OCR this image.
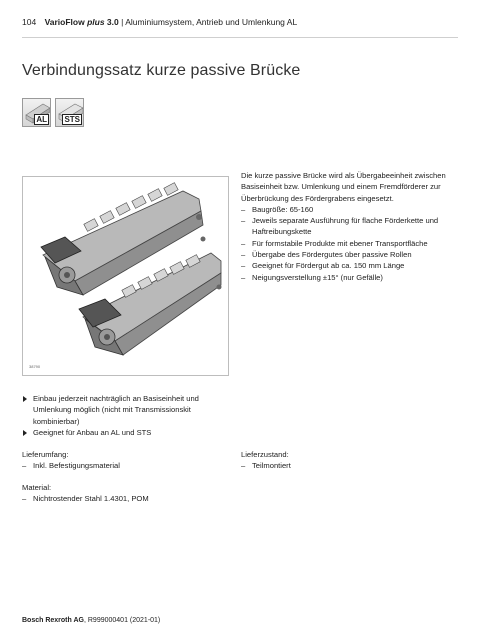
104 VarioFlow plus 3.0 | Aluminiumsystem, Antrieb und Umlenkung AL
Verbindungssatz kurze passive Brücke
AL STS
38790
Die kurze passive Brücke wird als Übergabeeinheit zwischen Basiseinheit bzw. Umlenkung und einem Fremdförderer zur Überbrückung des Fördergrabens eingesetzt.
– Baugröße: 65-160
– Jeweils separate Ausführung für flache Förderkette und Haftreibungskette
– Für formstabile Produkte mit ebener Transportfläche
– Übergabe des Fördergutes über passive Rollen
– Geeignet für Fördergut ab ca. 150 mm Länge
– Neigungsverstellung ±15° (nur Gefälle)
Einbau jederzeit nachträglich an Basiseinheit und Umlenkung möglich (nicht mit Transmissionskit kombinierbar)
Geeignet für Anbau an AL und STS
Lieferumfang:
– Inkl. Befestigungsmaterial
Lieferzustand:
– Teilmontiert
Material:
– Nichtrostender Stahl 1.4301, POM
Bosch Rexroth AG, R999000401 (2021-01)
